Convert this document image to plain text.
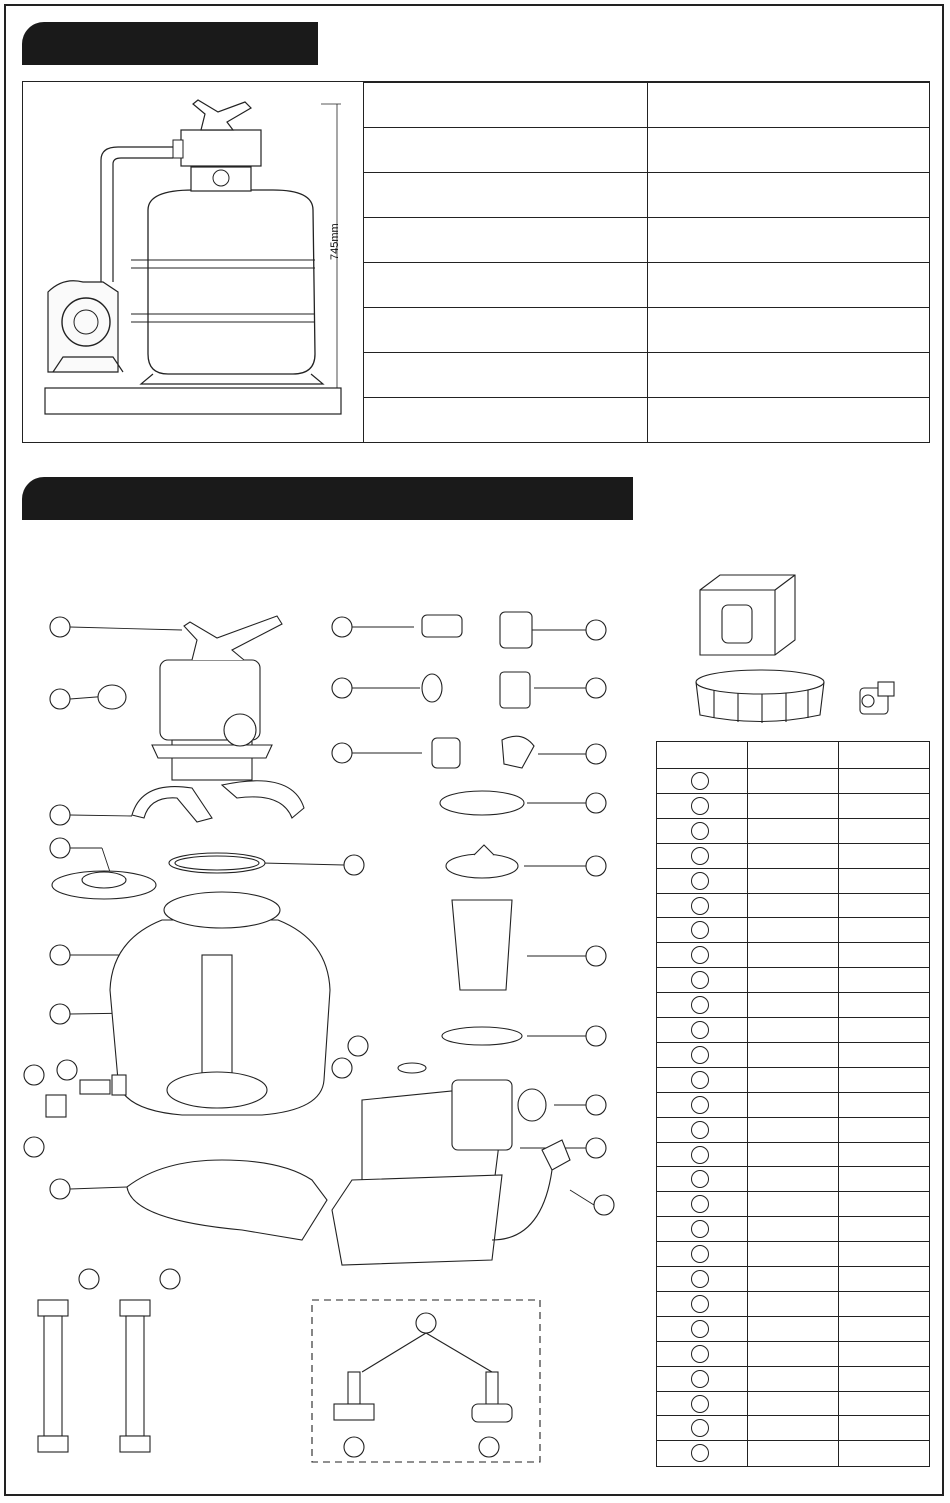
745mm
